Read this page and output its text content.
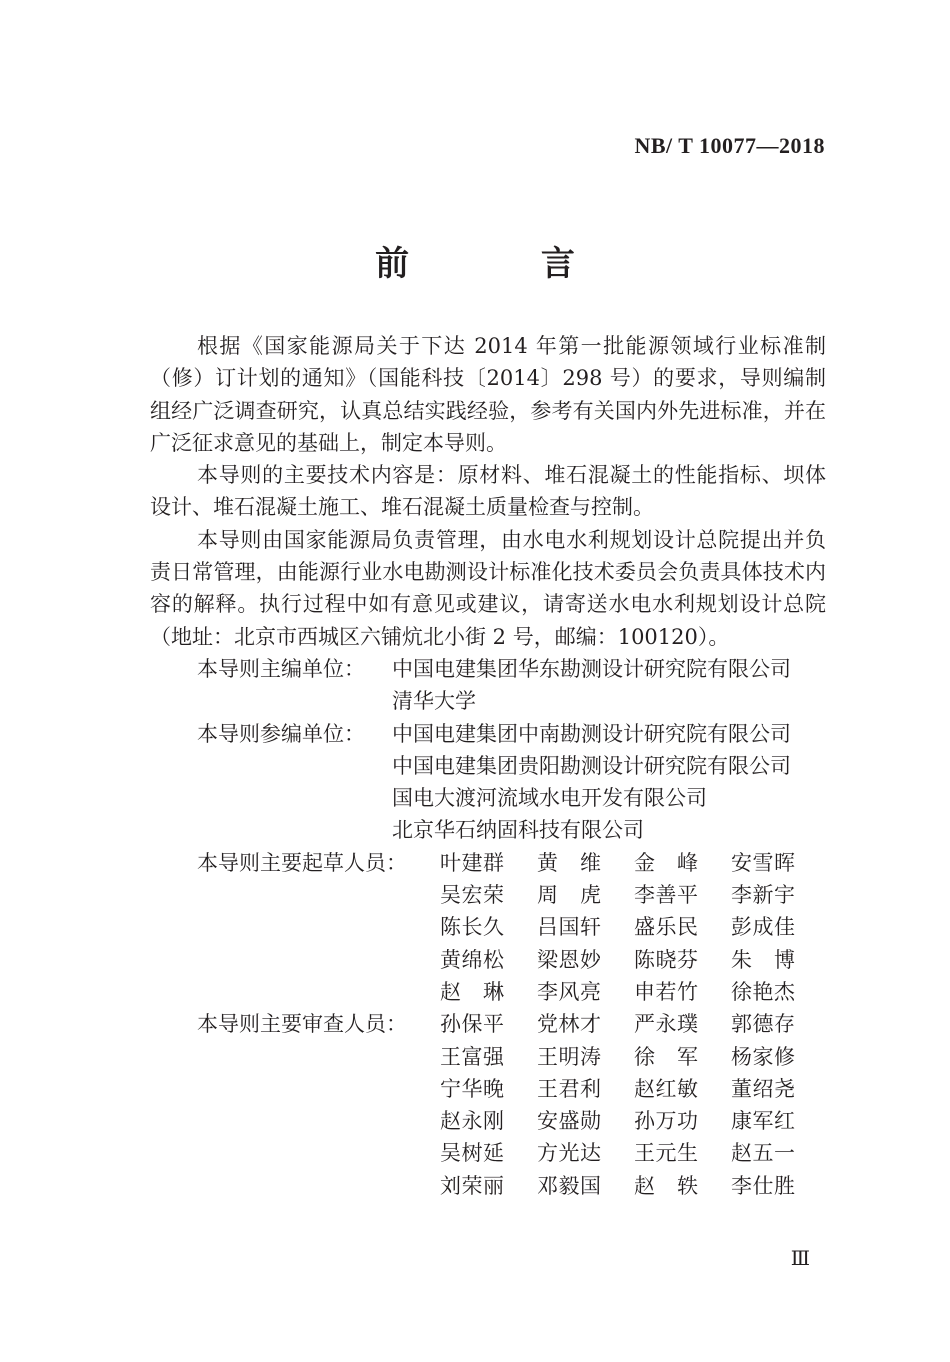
NB/ T 10077—2018
前 言

根据《国家能源局关于下达 2014 年第一批能源领域行业标准制（修）订计划的通知》（国能科技〔2014〕298 号）的要求，导则编制组经广泛调查研究，认真总结实践经验，参考有关国内外先进标准，并在广泛征求意见的基础上，制定本导则。

本导则的主要技术内容是：原材料、堆石混凝土的性能指标、坝体设计、堆石混凝土施工、堆石混凝土质量检查与控制。

本导则由国家能源局负责管理，由水电水利规划设计总院提出并负责日常管理，由能源行业水电勘测设计标准化技术委员会负责具体技术内容的解释。执行过程中如有意见或建议，请寄送水电水利规划设计总院（地址：北京市西城区六铺炕北小街 2 号，邮编：100120）。

本导则主编单位：	中国电建集团华东勘测设计研究院有限公司
清华大学
本导则参编单位：	中国电建集团中南勘测设计研究院有限公司
中国电建集团贵阳勘测设计研究院有限公司
国电大渡河流域水电开发有限公司
北京华石纳固科技有限公司
本导则主要起草人员：	叶建群	黄　维	金　峰	安雪晖
吴宏荣	周　虎	李善平	李新宇
陈长久	吕国轩	盛乐民	彭成佳
黄绵松	梁恩妙	陈晓芬	朱　博
赵　琳	李风亮	申若竹	徐艳杰
本导则主要审查人员：	孙保平	党林才	严永璞	郭德存
王富强	王明涛	徐　军	杨家修
宁华晚	王君利	赵红敏	董绍尧
赵永刚	安盛勋	孙万功	康军红
吴树延	方光达	王元生	赵五一
刘荣丽	邓毅国	赵　轶	李仕胜
Ⅲ
